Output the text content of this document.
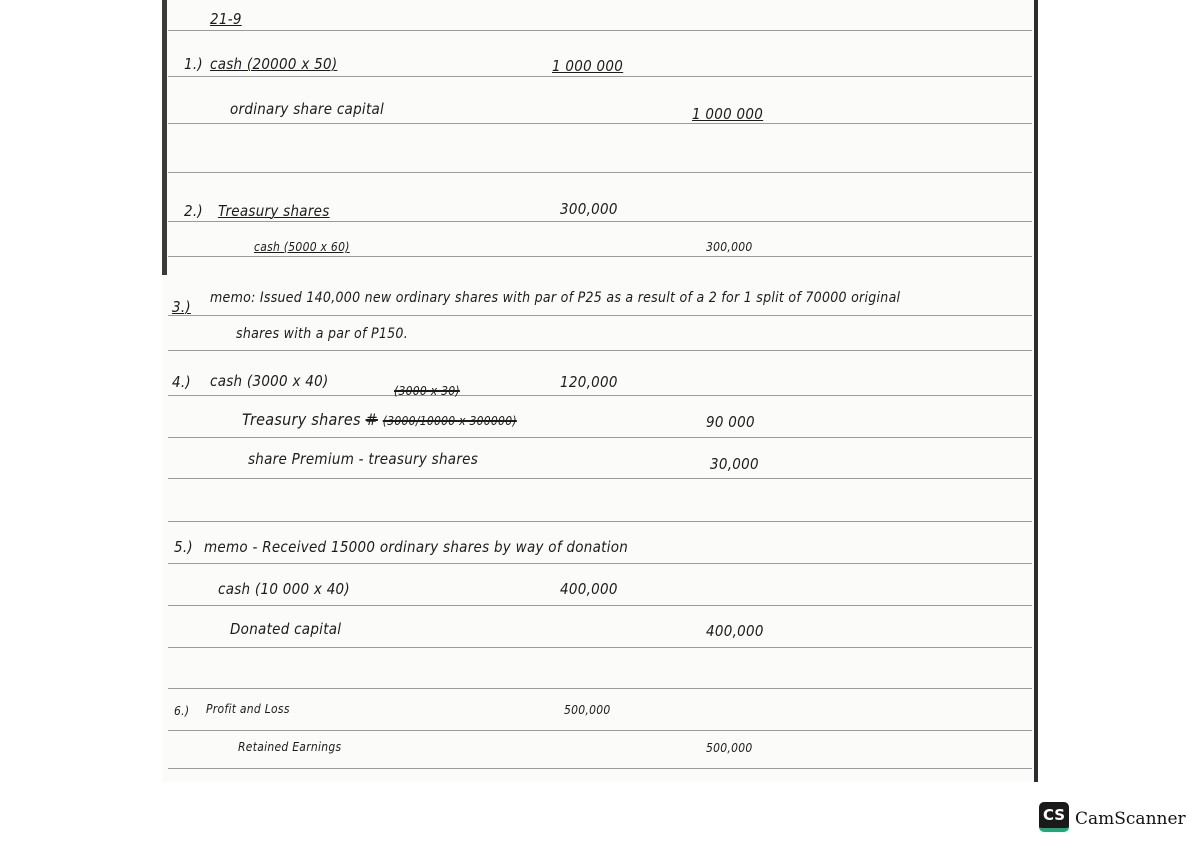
21-9
1.) cash (20000 x 50)	1 000 000
ordinary share capital	1 000 000
2.) Treasury shares	300,000
cash (5000 x 60)	300,000
3.) memo: Issued 140,000 new ordinary shares with par of P25 as a result of a 2 for 1 split of 70000 original
shares with a par of P150.
4.) cash (3000 x 40)	120,000
(3000 x 30)
Treasury shares # (3000/10000 x 300000)	90 000
share Premium - treasury shares	30,000
5.) memo - Received 15000 ordinary shares by way of donation
cash (10 000 x 40)	400,000
Donated capital	400,000
6.) Profit and Loss	500,000
Retained Earnings	500,000
CS CamScanner
